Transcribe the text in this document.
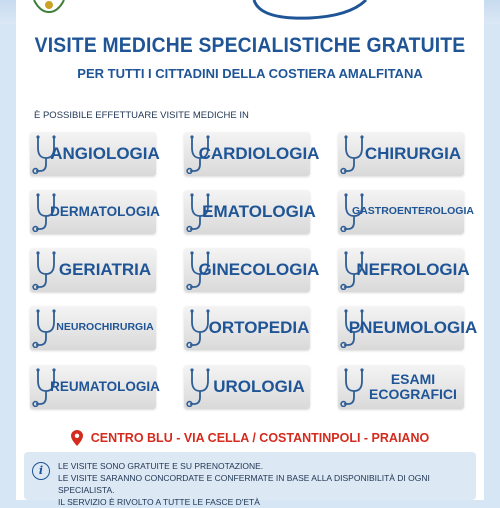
VISITE MEDICHE SPECIALISTICHE GRATUITE
PER TUTTI I CITTADINI DELLA COSTIERA AMALFITANA
È POSSIBILE EFFETTUARE VISITE MEDICHE IN
ANGIOLOGIA CARDIOLOGIA	CHIRURGIA
DERMATOLOGIA EMATOLOGIA	GASTROENTEROLOGIA
GERIATRIA	GINECOLOGIA NEFROLOGIA
NEUROCHIRURGIA	ORTOPEDIA PNEUMOLOGIA
REUMATOLOGIA	UROLOGIA	ESAMI
ECOGRAFICI
CENTRO BLU - VIA CELLA / COSTANTINPOLI - PRAIANO
i	LE VISITE SONO GRATUITE E SU PRENOTAZIONE.
LE VISITE SARANNO CONCORDATE E CONFERMATE IN BASE ALLA DISPONIBILITÀ DI OGNI SPECIALISTA.
IL SERVIZIO È RIVOLTO A TUTTE LE FASCE D'ETÀ
